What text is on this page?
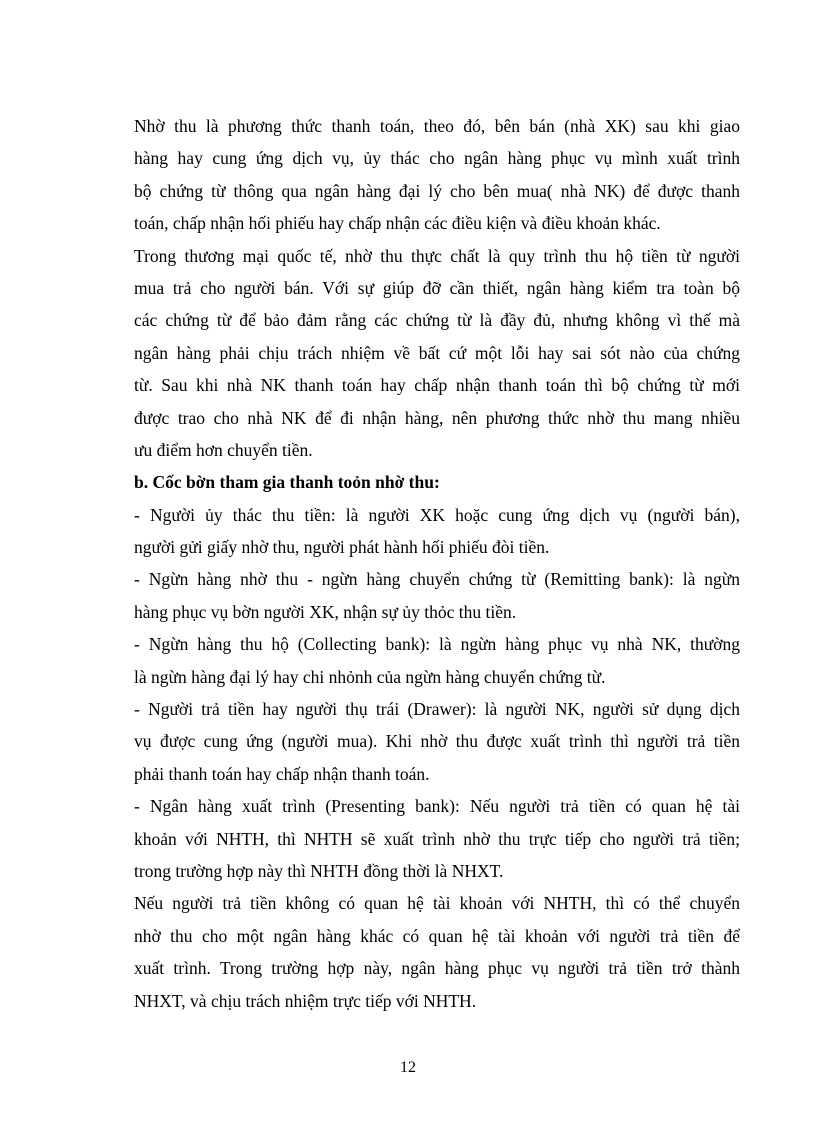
Nhờ thu là phương thức thanh toán, theo đó, bên bán (nhà XK) sau khi giao
hàng hay cung ứng dịch vụ, ủy thác cho ngân hàng phục vụ mình xuất trình
bộ chứng từ thông qua ngân hàng đại lý cho bên mua( nhà NK) để được thanh
toán, chấp nhận hối phiếu hay chấp nhận các điều kiện và điều khoản khác.
Trong thương mại quốc tế, nhờ thu thực chất là quy trình thu hộ tiền từ người
mua trả cho người bán. Với sự giúp đỡ cần thiết, ngân hàng kiểm tra toàn bộ
các chứng từ để bảo đảm rằng các chứng từ là đầy đủ, nhưng không vì thế mà
ngân hàng phải chịu trách nhiệm về bất cứ một lỗi hay sai sót nào của chứng
từ. Sau khi nhà NK thanh toán hay chấp nhận thanh toán thì bộ chứng từ mới
được trao cho nhà NK để đi nhận hàng, nên phương thức nhờ thu mang nhiều
ưu điểm hơn chuyển tiền.
b. Cốc bờn tham gia thanh toỏn nhờ thu:
- Người ủy thác thu tiền: là người XK hoặc cung ứng dịch vụ (người bán),
người gửi giấy nhờ thu, người phát hành hối phiếu đòi tiền.
- Ngừn hàng nhờ thu - ngừn hàng chuyển chứng từ (Remitting bank): là ngừn
hàng phục vụ bờn người XK, nhận sự ủy thỏc thu tiền.
- Ngừn hàng thu hộ (Collecting bank): là ngừn hàng phục vụ nhà NK, thường
là ngừn hàng đại lý hay chi nhỏnh của ngừn hàng chuyển chứng từ.
- Người trả tiền hay người thụ trái (Drawer): là người NK, người sử dụng dịch
vụ được cung ứng (người mua). Khi nhờ thu được xuất trình thì người trả tiền
phải thanh toán hay chấp nhận thanh toán.
- Ngân hàng xuất trình (Presenting bank): Nếu người trả tiền có quan hệ tài
khoản với NHTH, thì NHTH sẽ xuất trình nhờ thu trực tiếp cho người trả tiền;
trong trường hợp này thì NHTH đồng thời là NHXT.
Nếu người trả tiền không có quan hệ tài khoản với NHTH, thì có thể chuyển
nhờ thu cho một ngân hàng khác có quan hệ tài khoản với người trả tiền để
xuất trình. Trong trường hợp này, ngân hàng phục vụ người trả tiền trở thành
NHXT, và chịu trách nhiệm trực tiếp với NHTH.
12
